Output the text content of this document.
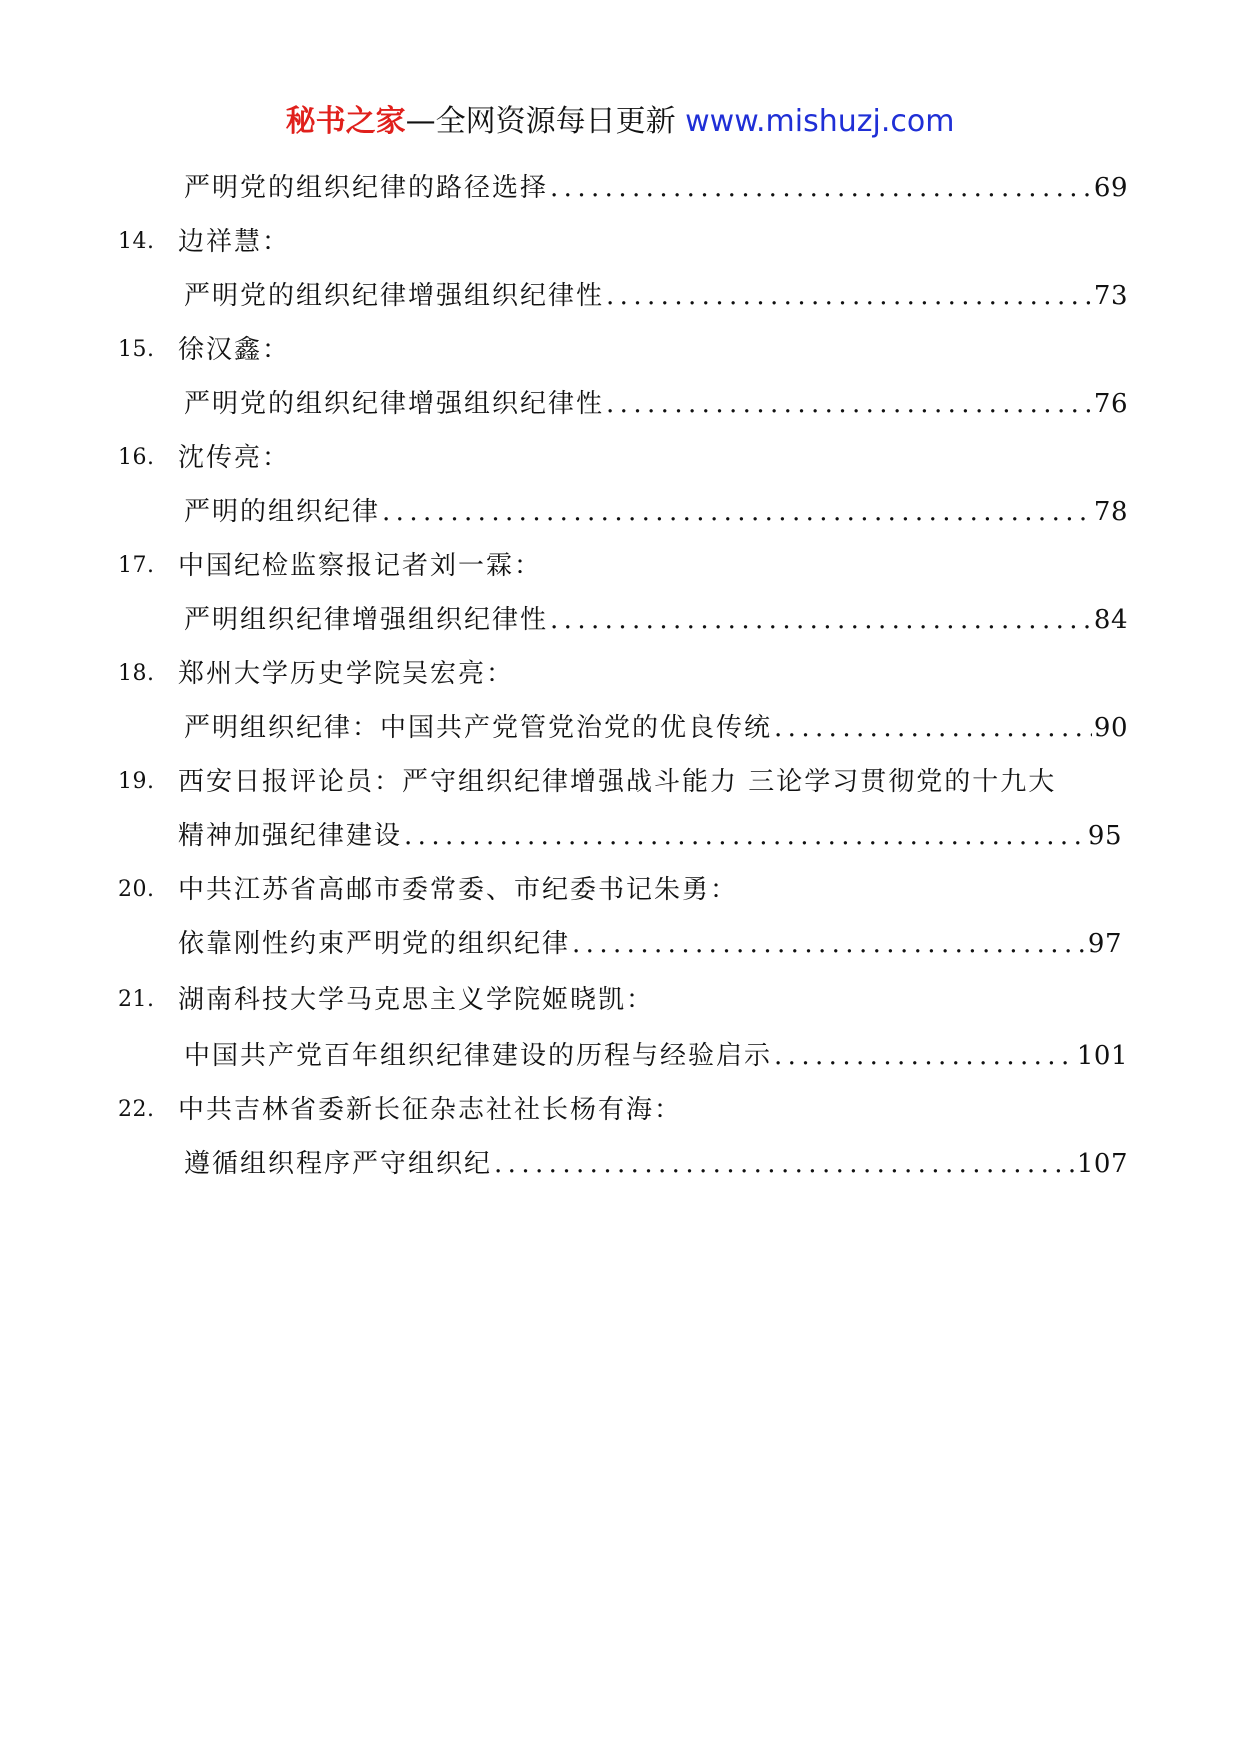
秘书之家—全网资源每日更新 www.mishuzj.com
严明党的组织纪律的路径选择 .....	69
14. 边祥慧：
严明党的组织纪律增强组织纪律性 .....	73
15. 徐汉鑫：
严明党的组织纪律增强组织纪律性 .....	76
16. 沈传亮：
严明的组织纪律 .....	78
17. 中国纪检监察报记者刘一霖：
严明组织纪律增强组织纪律性 .....	84
18. 郑州大学历史学院吴宏亮：
严明组织纪律：中国共产党管党治党的优良传统 .....	90
19. 西安日报评论员：严守组织纪律增强战斗能力 三论学习贯彻党的十九大
精神加强纪律建设 .....	95
20. 中共江苏省高邮市委常委、市纪委书记朱勇：
依靠刚性约束严明党的组织纪律 .....	97
21. 湖南科技大学马克思主义学院姬晓凯：
中国共产党百年组织纪律建设的历程与经验启示 .....	101
22. 中共吉林省委新长征杂志社社长杨有海：
遵循组织程序严守组织纪 .....	107
